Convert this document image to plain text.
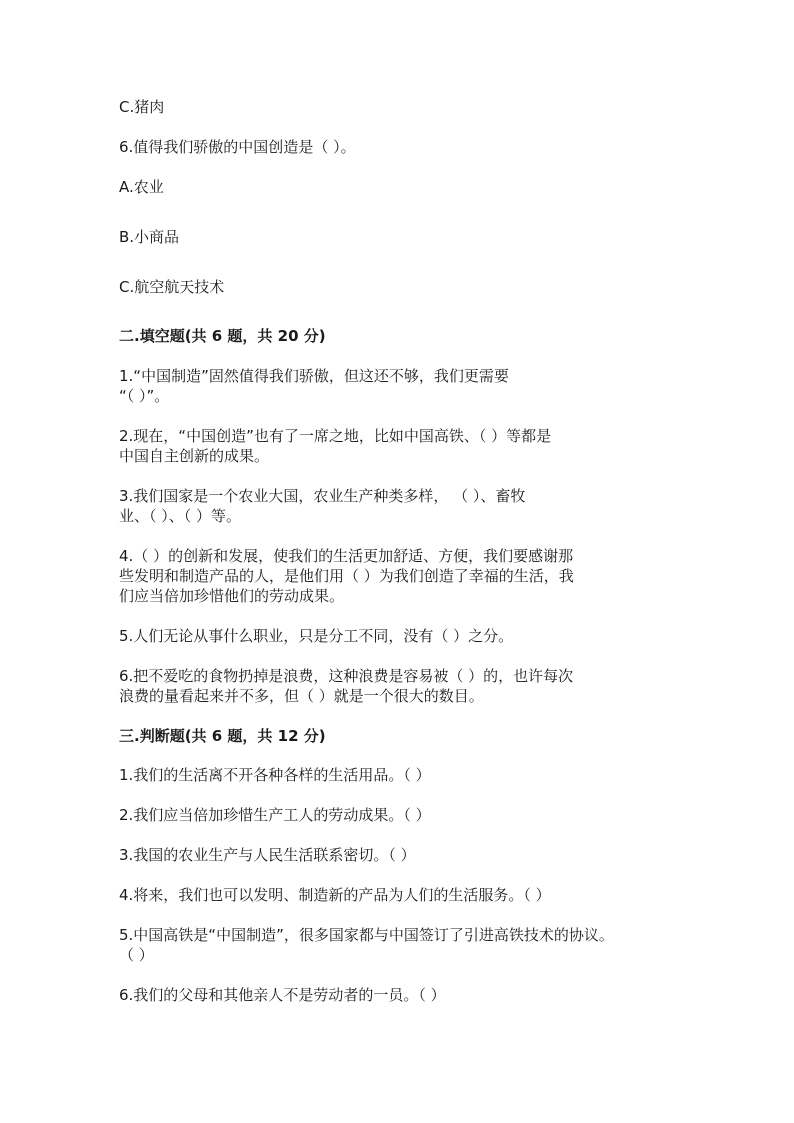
C.猪肉
6.值得我们骄傲的中国创造是（ ）。
A.农业
B.小商品
C.航空航天技术
二.填空题(共 6 题，共 20 分)
1.“中国制造”固然值得我们骄傲，但这还不够，我们更需要
“（ ）”。
2.现在，“中国创造”也有了一席之地，比如中国高铁、（ ）等都是
中国自主创新的成果。
3.我们国家是一个农业大国，农业生产种类多样， （ ）、畜牧
业、（ ）、（ ）等。
4.（ ）的创新和发展，使我们的生活更加舒适、方便，我们要感谢那
些发明和制造产品的人，是他们用（ ）为我们创造了幸福的生活，我
们应当倍加珍惜他们的劳动成果。
5.人们无论从事什么职业，只是分工不同，没有（ ）之分。
6.把不爱吃的食物扔掉是浪费，这种浪费是容易被（ ）的，也许每次
浪费的量看起来并不多，但（ ）就是一个很大的数目。
三.判断题(共 6 题，共 12 分)
1.我们的生活离不开各种各样的生活用品。（ ）
2.我们应当倍加珍惜生产工人的劳动成果。（ ）
3.我国的农业生产与人民生活联系密切。（ ）
4.将来，我们也可以发明、制造新的产品为人们的生活服务。（ ）
5.中国高铁是“中国制造”，很多国家都与中国签订了引进高铁技术的协议。
（ ）
6.我们的父母和其他亲人不是劳动者的一员。（ ）
